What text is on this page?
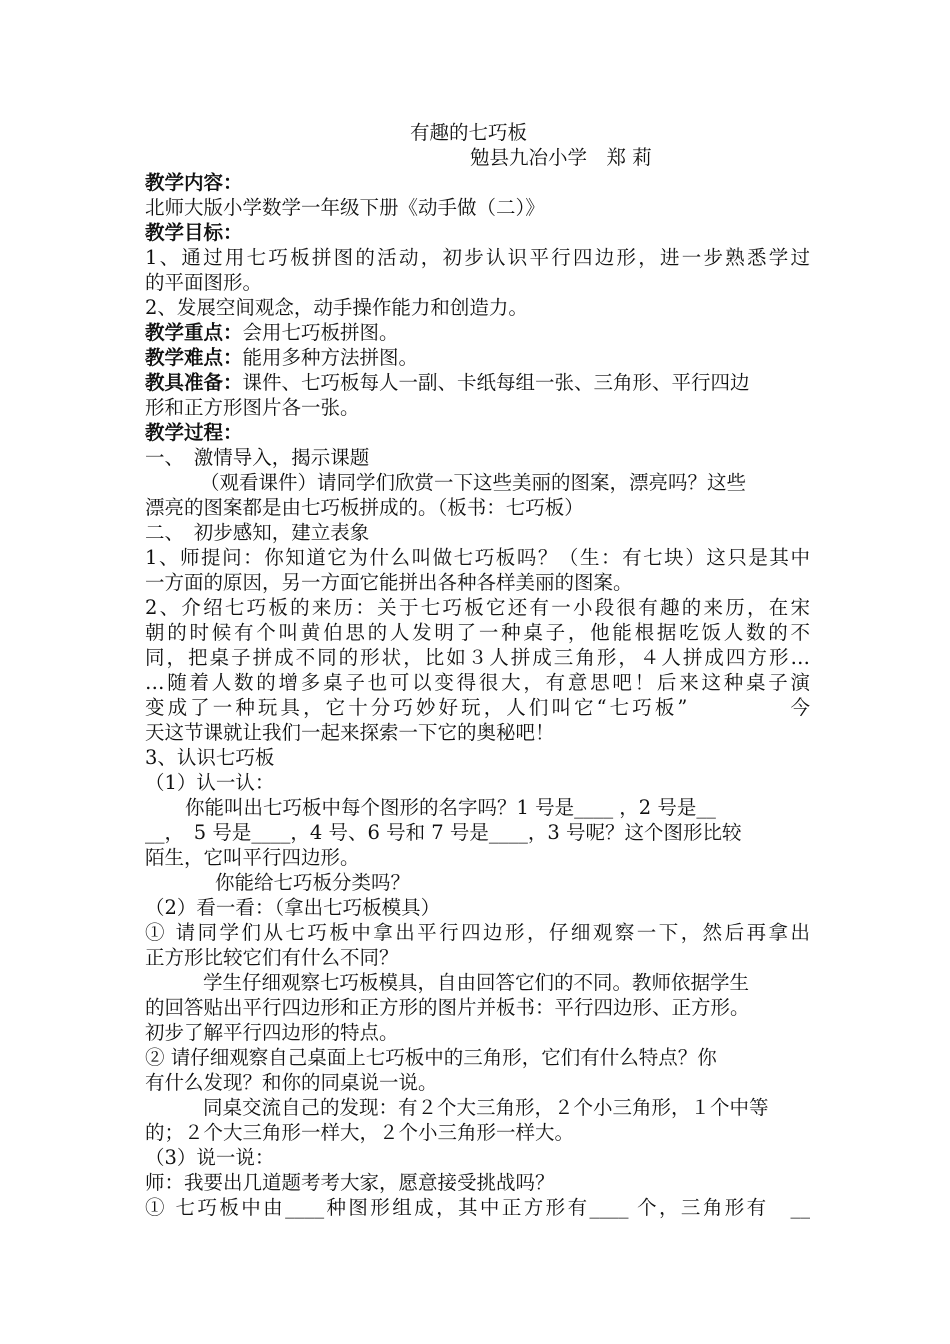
有趣的七巧板
勉县九冶小学　郑 莉
教学内容：
北师大版小学数学一年级下册《动手做（二）》
教学目标：
1、通过用七巧板拼图的活动，初步认识平行四边形，进一步熟悉学过
的平面图形。
2、发展空间观念，动手操作能力和创造力。
教学重点：会用七巧板拼图。
教学难点：能用多种方法拼图。
教具准备：课件、七巧板每人一副、卡纸每组一张、三角形、平行四边
形和正方形图片各一张。
教学过程：
一、　激情导入，揭示课题
（观看课件）请同学们欣赏一下这些美丽的图案，漂亮吗？这些
漂亮的图案都是由七巧板拼成的。（板书：七巧板）
二、　初步感知，建立表象
1、师提问：你知道它为什么叫做七巧板吗？（生：有七块）这只是其中
一方面的原因，另一方面它能拼出各种各样美丽的图案。
2、介绍七巧板的来历：关于七巧板它还有一小段很有趣的来历，在宋
朝的时候有个叫黄伯思的人发明了一种桌子，他能根据吃饭人数的不
同，把桌子拼成不同的形状，比如３人拼成三角形，４人拼成四方形…
…随着人数的增多桌子也可以变得很大，有意思吧！后来这种桌子演
变成了一种玩具，它十分巧妙好玩，人们叫它“七巧板”	今
天这节课就让我们一起来探索一下它的奥秘吧！
3、认识七巧板
（1）认一认：
你能叫出七巧板中每个图形的名字吗？1 号是____ ，2 号是__
__，　5 号是____，4 号、6 号和 7 号是____，3 号呢？这个图形比较
陌生，它叫平行四边形。
你能给七巧板分类吗？
（2）看一看：（拿出七巧板模具）
① 请同学们从七巧板中拿出平行四边形，仔细观察一下，然后再拿出
正方形比较它们有什么不同？
学生仔细观察七巧板模具，自由回答它们的不同。教师依据学生
的回答贴出平行四边形和正方形的图片并板书：平行四边形、正方形。
初步了解平行四边形的特点。
② 请仔细观察自己桌面上七巧板中的三角形，它们有什么特点？你
有什么发现？和你的同桌说一说。
同桌交流自己的发现：有２个大三角形，２个小三角形，１个中等
的；２个大三角形一样大，２个小三角形一样大。
（3）说一说：
师：我要出几道题考考大家，愿意接受挑战吗？
① 七巧板中由____种图形组成，其中正方形有____ 个，三角形有　__
